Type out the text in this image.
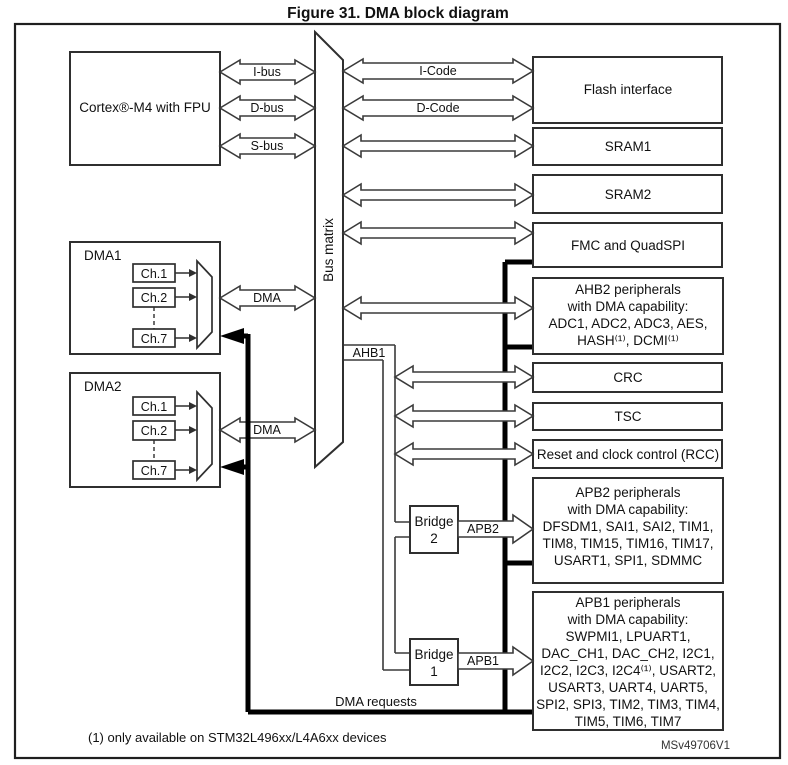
Figure 31. DMA block diagram
Bus matrix
Cortex®-M4 with FPU
DMA1
Ch.1
Ch.2
Ch.7
DMA2
Ch.1
Ch.2
Ch.7
Flash interface
SRAM1
SRAM2
FMC and QuadSPI
AHB2 peripherals
with DMA capability:
ADC1, ADC2, ADC3, AES,
HASH⁽¹⁾, DCMI⁽¹⁾
CRC
TSC
Reset and clock control (RCC)
APB2 peripherals
with DMA capability:
DFSDM1, SAI1, SAI2, TIM1,
TIM8, TIM15, TIM16, TIM17,
USART1, SPI1, SDMMC
APB1 peripherals
with DMA capability:
SWPMI1, LPUART1,
DAC_CH1, DAC_CH2, I2C1,
I2C2, I2C3, I2C4⁽¹⁾, USART2,
USART3, UART4, UART5,
SPI2, SPI3, TIM2, TIM3, TIM4,
TIM5, TIM6, TIM7
Bridge
2
Bridge
1
I-bus
D-bus
S-bus
I-Code
D-Code
DMA
DMA
APB2
APB1
AHB1
DMA requests
(1) only available on STM32L496xx/L4A6xx devices
MSv49706V1
